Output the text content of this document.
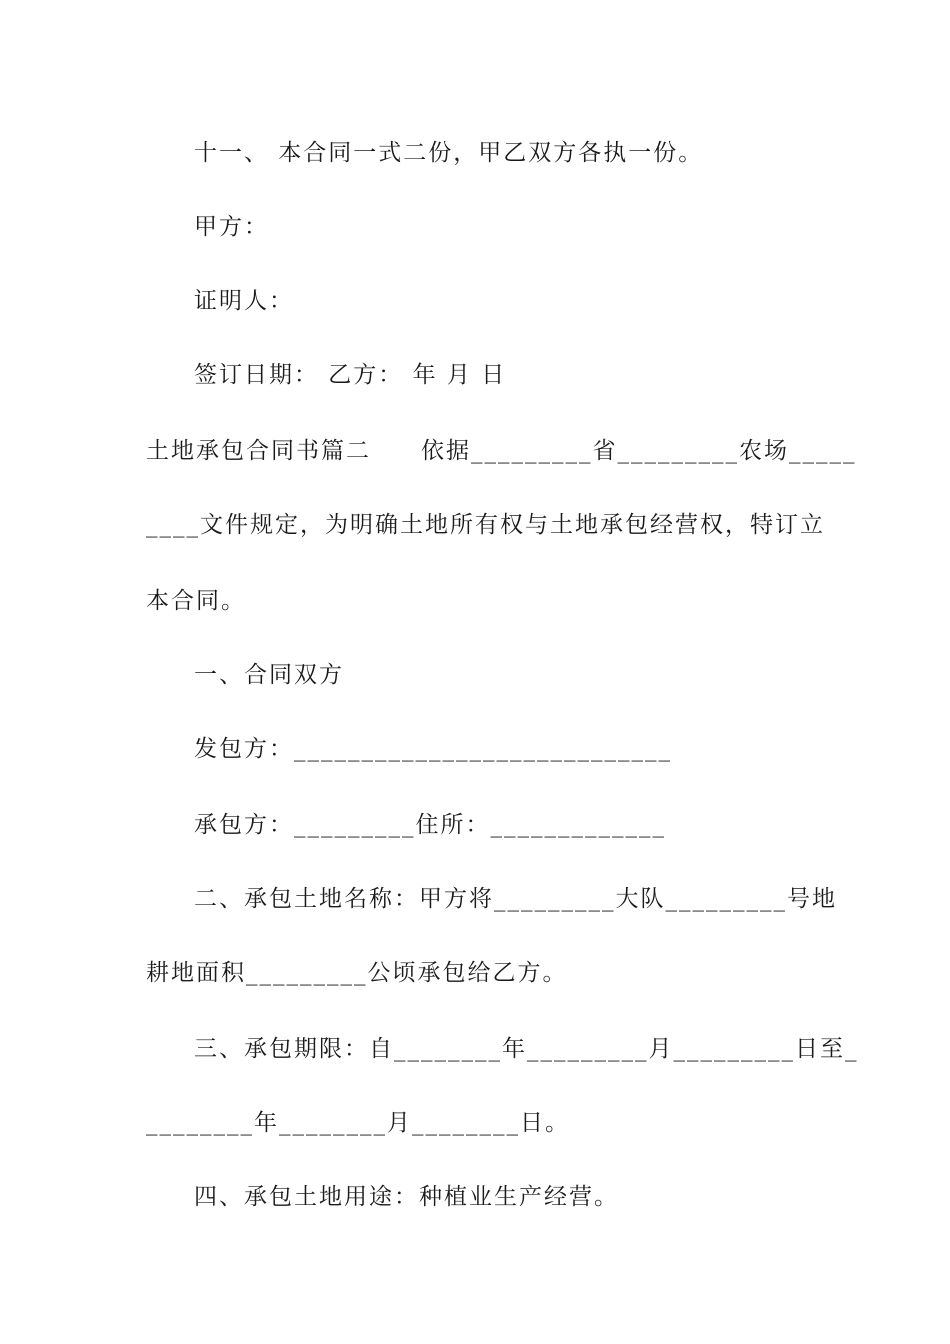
十一、 本合同一式二份，甲乙双方各执一份。
甲方：
证明人：
签订日期： 乙方： 年 月 日
土地承包合同书篇二　　依据_________省_________农场_____
____文件规定，为明确土地所有权与土地承包经营权，特订立
本合同。
一、合同双方
发包方：____________________________
承包方：_________住所：_____________
二、承包土地名称：甲方将_________大队_________号地
耕地面积_________公顷承包给乙方。
三、承包期限：自________年_________月_________日至_
________年________月________日。
四、承包土地用途：种植业生产经营。
